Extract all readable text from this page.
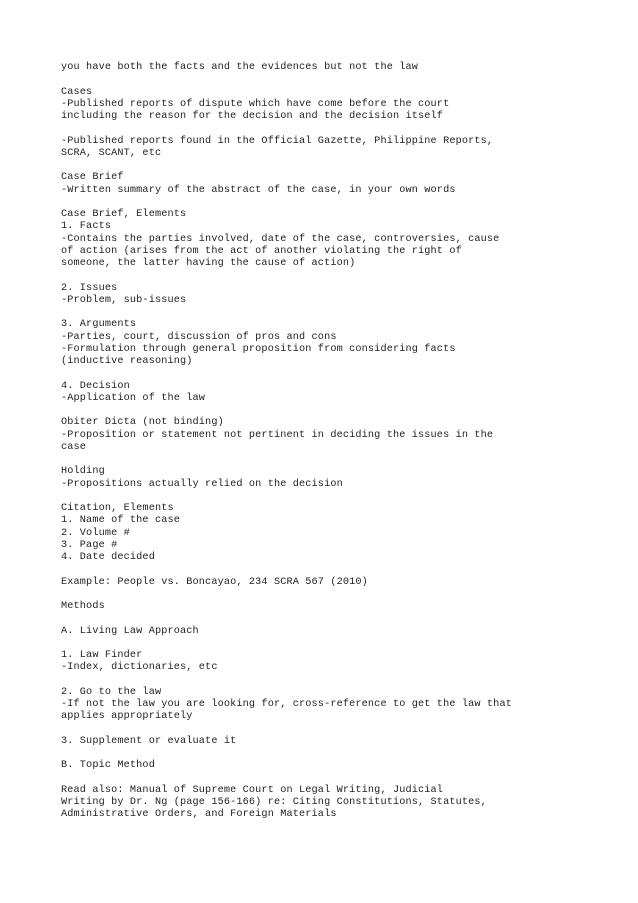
you have both the facts and the evidences but not the law
Cases
-Published reports of dispute which have come before the court
including the reason for the decision and the decision itself
-Published reports found in the Official Gazette, Philippine Reports,
SCRA, SCANT, etc
Case Brief
-Written summary of the abstract of the case, in your own words
Case Brief, Elements
1. Facts
-Contains the parties involved, date of the case, controversies, cause
of action (arises from the act of another violating the right of
someone, the latter having the cause of action)
2. Issues
-Problem, sub-issues
3. Arguments
-Parties, court, discussion of pros and cons
-Formulation through general proposition from considering facts
(inductive reasoning)
4. Decision
-Application of the law
Obiter Dicta (not binding)
-Proposition or statement not pertinent in deciding the issues in the
case
Holding
-Propositions actually relied on the decision
Citation, Elements
1. Name of the case
2. Volume #
3. Page #
4. Date decided
Example: People vs. Boncayao, 234 SCRA 567 (2010)
Methods
A. Living Law Approach
1. Law Finder
-Index, dictionaries, etc
2. Go to the law
-If not the law you are looking for, cross-reference to get the law that
applies appropriately
3. Supplement or evaluate it
B. Topic Method
Read also: Manual of Supreme Court on Legal Writing, Judicial
Writing by Dr. Ng (page 156-166) re: Citing Constitutions, Statutes,
Administrative Orders, and Foreign Materials
